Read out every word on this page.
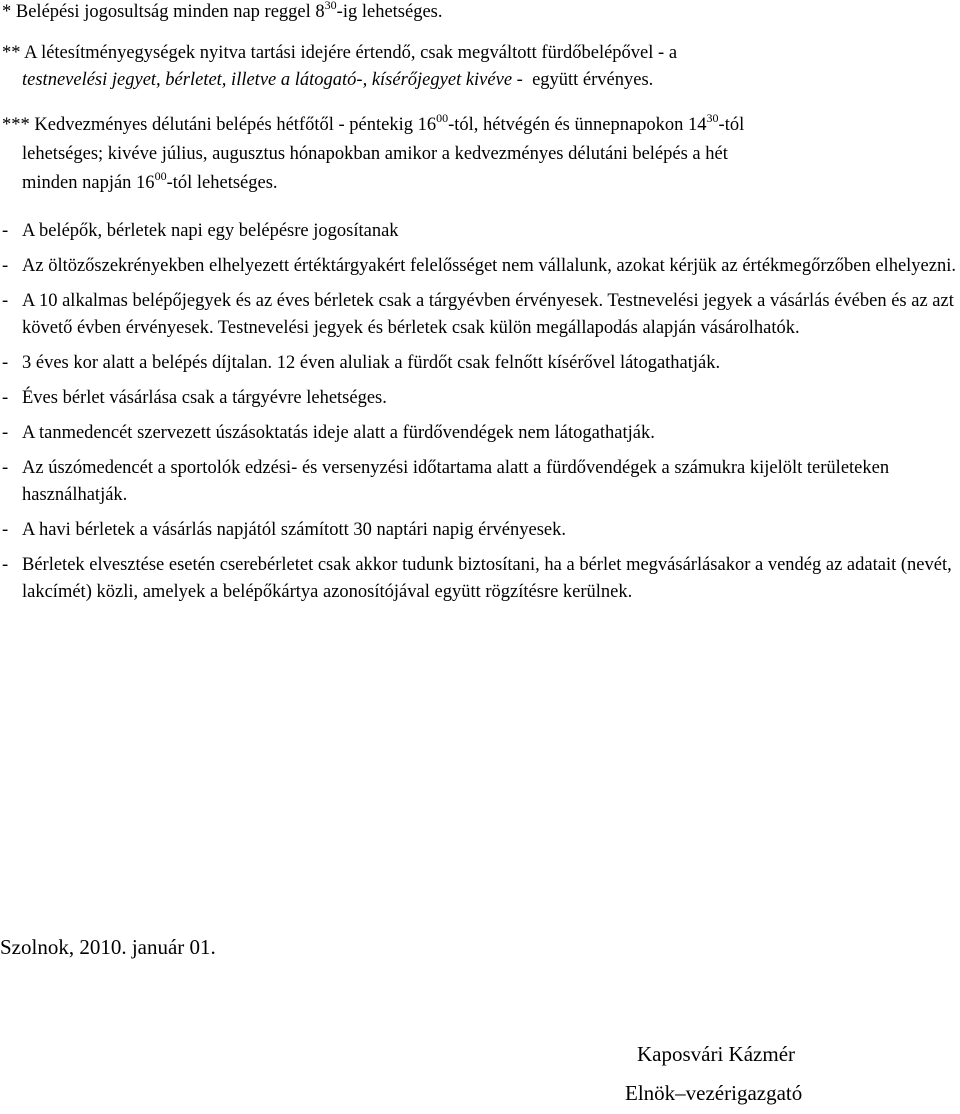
* Belépési jogosultság minden nap reggel $8^{30}-ig$ lehetséges.
** A létesítményegységek nyitva tartási idejére értendő, csak megváltott fürdőbelépővel - a
testnevelési jegyet, bérletet, illetve a látogató-, kísérőjegyet kivéve -  együtt érvényes.
*** Kedvezményes délutáni belépés hétfőtől - péntekig $16^{00}$-tól, hétvégén és ünnepnapokon $14^{30}$-tól
lehetséges; kivéve július, augusztus hónapokban amikor a kedvezményes délutáni belépés a hét
minden napján $16^{00}$-tól lehetséges.
- A belépők, bérletek napi egy belépésre jogosítanak
- Az öltözőszekrényekben elhelyezett értéktárgyakért felelősséget nem vállalunk, azokat kérjük az értékmegőrzőben elhelyezni.
- A 10 alkalmas belépőjegyek és az éves bérletek csak a tárgyévben érvényesek. Testnevelési jegyek a vásárlás évében és az azt követő évben érvényesek. Testnevelési jegyek és bérletek csak külön megállapodás alapján vásárolhatók.
- 3 éves kor alatt a belépés díjtalan. 12 éven aluliak a fürdőt csak felnőtt kísérővel látogathatják.
- Éves bérlet vásárlása csak a tárgyévre lehetséges.
- A tanmedencét szervezett úszásoktatás ideje alatt a fürdővendégek nem látogathatják.
- Az úszómedencét a sportolók edzési- és versenyzési időtartama alatt a fürdővendégek a számukra kijelölt területeken használhatják.
- A havi bérletek a vásárlás napjától számított 30 naptári napig érvényesek.
- Bérletek elvesztése esetén cserebérletet csak akkor tudunk biztosítani, ha a bérlet megvásárlásakor a vendég az adatait (nevét, lakcímét) közli, amelyek a belépőkártya azonosítójával együtt rögzítésre kerülnek.
Szolnok, 2010. január 01.
Kaposvári Kázmér
Elnök–vezérigazgató
